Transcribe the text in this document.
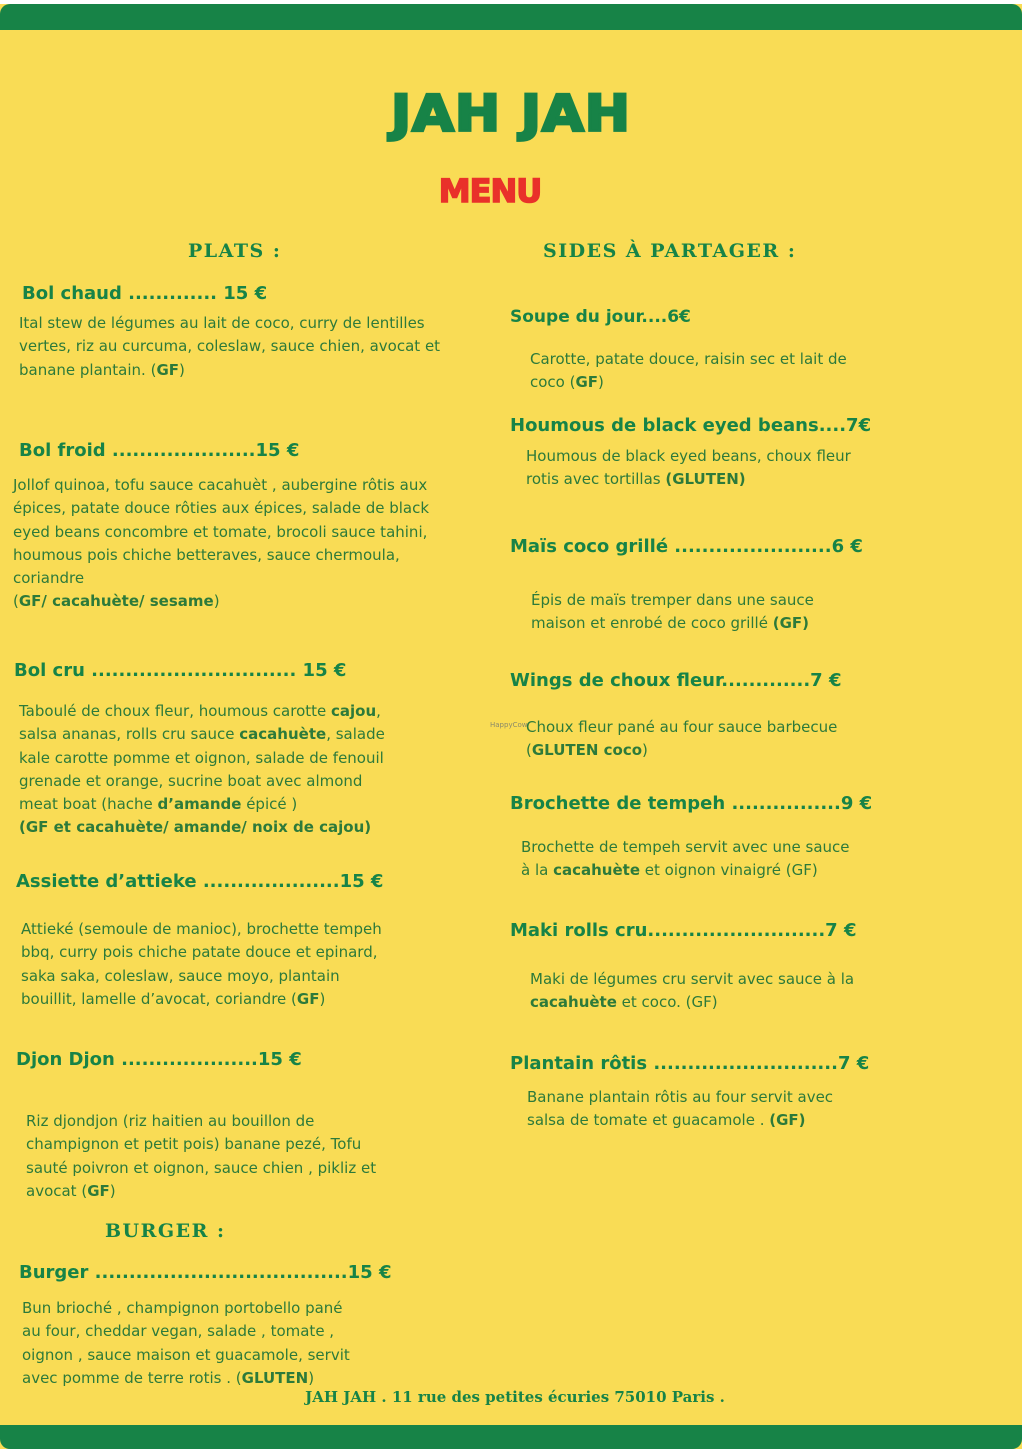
JAH JAH
MENU
PLATS :
Bol chaud ............. 15 €
Ital stew de légumes au lait de coco, curry de lentilles
vertes, riz au curcuma, coleslaw, sauce chien, avocat et
banane plantain. (GF)
Bol froid .....................15 €
Jollof quinoa, tofu sauce cacahuèt , aubergine rôtis aux
épices, patate douce rôties aux épices, salade de black
eyed beans concombre et tomate, brocoli sauce tahini,
houmous pois chiche betteraves, sauce chermoula,
coriandre
(GF/ cacahuète/ sesame)
Bol cru .............................. 15 €
Taboulé de choux fleur, houmous carotte cajou,
salsa ananas, rolls cru sauce cacahuète, salade
kale carotte pomme et oignon, salade de fenouil
grenade et orange, sucrine boat avec almond
meat boat (hache d’amande épicé )
(GF et cacahuète/ amande/ noix de cajou)
Assiette d’attieke ....................15 €
Attieké (semoule de manioc), brochette tempeh
bbq, curry pois chiche patate douce et epinard,
saka saka, coleslaw, sauce moyo, plantain
bouillit, lamelle d’avocat, coriandre (GF)
Djon Djon ....................15 €
Riz djondjon (riz haitien au bouillon de
champignon et petit pois) banane pezé, Tofu
sauté poivron et oignon, sauce chien , pikliz et
avocat (GF)
BURGER :
Burger .....................................15 €
Bun brioché , champignon portobello pané
au four, cheddar vegan, salade , tomate ,
oignon , sauce maison et guacamole, servit
avec pomme de terre rotis . (GLUTEN)
SIDES À PARTAGER :
Soupe du jour....6€
Carotte, patate douce, raisin sec et lait de
coco (GF)
Houmous de black eyed beans....7€
Houmous de black eyed beans, choux fleur
rotis avec tortillas (GLUTEN)
Maïs coco grillé .......................6 €
Épis de maïs tremper dans une sauce
maison et enrobé de coco grillé (GF)
Wings de choux fleur.............7 €
Choux fleur pané au four sauce barbecue
(GLUTEN coco)
Brochette de tempeh ................9 €
Brochette de tempeh servit avec une sauce
à la cacahuète et oignon vinaigré (GF)
Maki rolls cru..........................7 €
Maki de légumes cru servit avec sauce à la
cacahuète et coco. (GF)
Plantain rôtis ...........................7 €
Banane plantain rôtis au four servit avec
salsa de tomate et guacamole . (GF)
HappyCow
JAH JAH . 11 rue des petites écuries 75010 Paris .
